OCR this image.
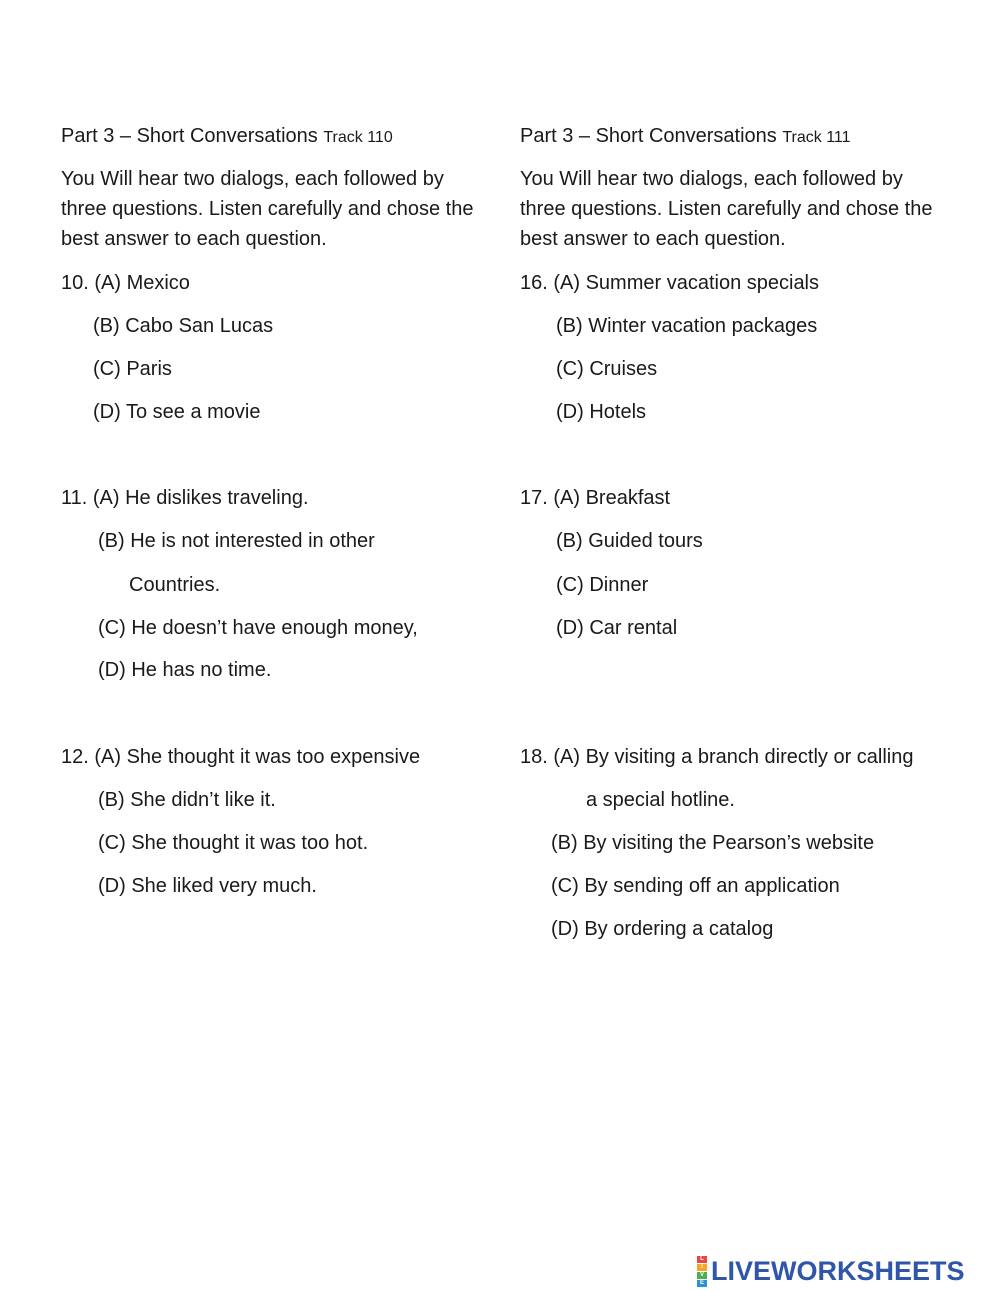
Part 3 – Short Conversations Track 110
You Will hear two dialogs, each followed by three questions. Listen carefully and chose the best answer to each question.
10. (A) Mexico
(B) Cabo San Lucas
(C) Paris
(D) To see a movie
11. (A) He dislikes traveling.
(B) He is not interested in other
Countries.
(C) He doesn’t have enough money,
(D) He has no time.
12. (A) She thought it was too expensive
(B) She didn’t like it.
(C) She thought it was too hot.
(D) She liked very much.
Part 3 – Short Conversations Track 111
You Will hear two dialogs, each followed by three questions. Listen carefully and chose the best answer to each question.
16. (A) Summer vacation specials
(B) Winter vacation packages
(C) Cruises
(D) Hotels
17. (A) Breakfast
(B) Guided tours
(C) Dinner
(D) Car rental
18. (A) By visiting a branch directly or calling
a special hotline.
(B) By visiting the Pearson’s website
(C) By sending off an application
(D) By ordering a catalog
L
I
V
E LIVEWORKSHEETS
